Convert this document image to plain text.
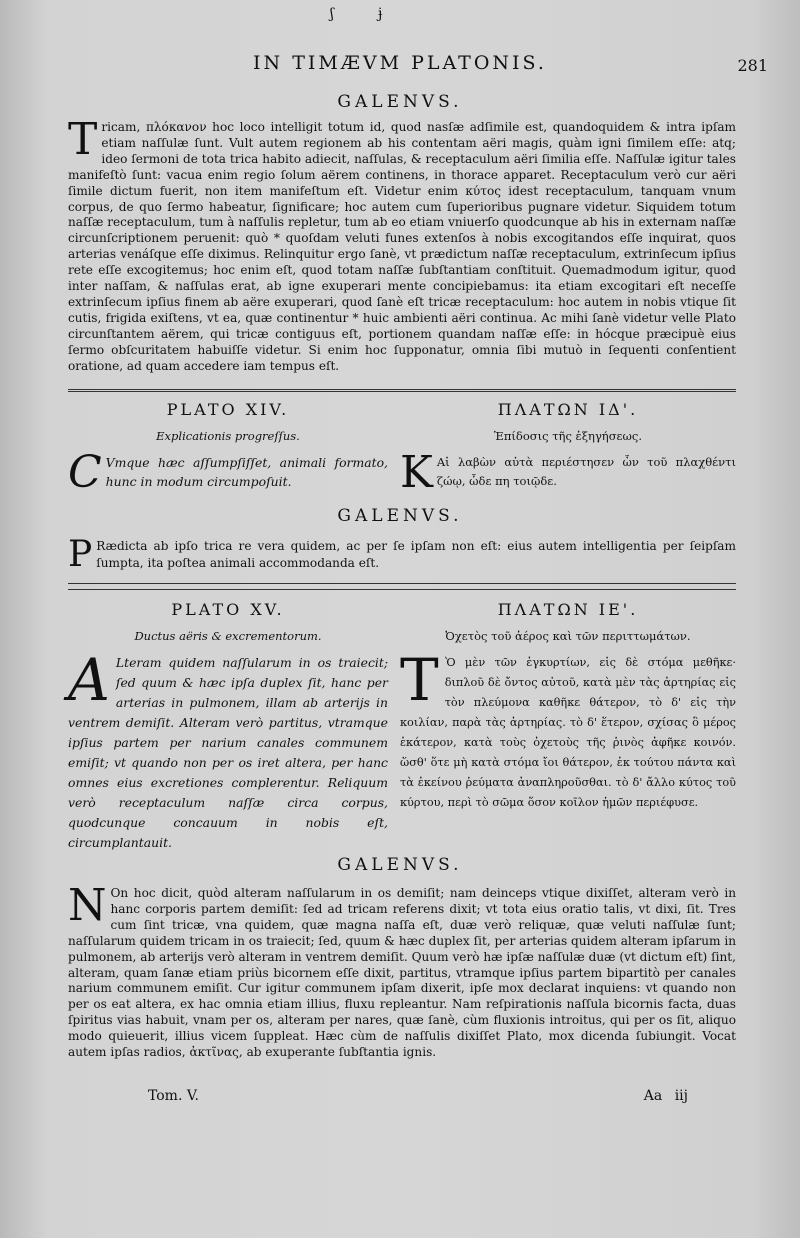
ʃ	ɉ
IN TIMÆVM PLATONIS.	281
GALENVS.

Tricam, πλόκανον hoc loco intelligit totum id, quod nasſæ adſimile est, quandoquidem & intra ipſam etiam naſſulæ ſunt. Vult autem regionem ab his contentam aëri magis, quàm igni ſimilem eſſe: atq; ideo ſermoni de tota trica habito adiecit, naſſulas, & receptaculum aëri ſimilia eſſe. Naſſulæ igitur tales manifeſtò ſunt: vacua enim regio ſolum aërem continens, in thorace apparet. Receptaculum verò cur aëri ſimile dictum fuerit, non item manifeſtum eſt. Videtur enim κύτος idest receptaculum, tanquam vnum corpus, de quo ſermo habeatur, ſignificare; hoc autem cum ſuperioribus pugnare videtur. Siquidem totum naſſæ receptaculum, tum à naſſulis repletur, tum ab eo etiam vniuerſo quodcunque ab his in externam naſſæ circunſcriptionem peruenit: quò * quoſdam veluti funes extenſos à nobis excogitandos eſſe inquirat, quos arterias venáſque eſſe diximus. Relinquitur ergo ſanè, vt prædictum naſſæ receptaculum, extrinſecum ipſius rete eſſe excogitemus; hoc enim eſt, quod totam naſſæ ſubſtantiam conſtituit. Quemadmodum igitur, quod inter naſſam, & naſſulas erat, ab igne exuperari mente concipiebamus: ita etiam excogitari eſt neceſſe extrinſecum ipſius finem ab aëre exuperari, quod ſanè eſt tricæ receptaculum: hoc autem in nobis vtique ſit cutis, frigida exiſtens, vt ea, quæ continentur * huic ambienti aëri continua. Ac mihi ſanè videtur velle Plato circunſtantem aërem, qui tricæ contiguus eſt, portionem quandam naſſæ eſſe: in hócque præcipuè eius ſermo obſcuritatem habuiſſe videtur. Si enim hoc ſupponatur, omnia ſibi mutuò in ſequenti conſentient oratione, ad quam accedere iam tempus eſt.

PLATO XIV.
Explicationis progreſſus.

C Vmque hæc aſſumpſiſſet, animali formato, hunc in modum circumpoſuit.

ΠΛΑΤΩΝ ΙΔ'.
Ἐπίδοσις τῆς ἐξηγήσεως.

Κ Αἰ λαβὼν αὐτὰ περιέστησεν ὧν τοῦ πλαχθέντι ζώῳ, ὧδε πη τοιῷδε.

GALENVS.

P Rædicta ab ipſo trica re vera quidem, ac per ſe ipſam non eſt: eius autem intelligentia per ſeipſam ſumpta, ita poſtea animali accommodanda eſt.

PLATO XV.
Ductus aëris & excrementorum.

A Lteram quidem naſſularum in os traiecit; ſed quum & hæc ipſa duplex ſit, hanc per arterias in pulmonem, illam ab arterijs in ventrem demiſit. Alteram verò partitus, vtramque ipſius partem per narium canales communem emiſit; vt quando non per os iret altera, per hanc omnes eius excretiones complerentur. Reliquum verò receptaculum naſſæ circa corpus, quodcunque concauum in nobis eſt, circumplantauit.

ΠΛΑΤΩΝ ΙΕ'.
Ὀχετὸς τοῦ ἀέρος καὶ τῶν περιττωμάτων.

Τ Ὸ μὲν τῶν ἐγκυρτίων, εἰς δὲ στόμα μεθῆκε· διπλοῦ δὲ ὄντος αὐτοῦ, κατὰ μὲν τὰς ἀρτηρίας εἰς τὸν πλεύμονα καθῆκε θάτερον, τὸ δ' εἰς τὴν κοιλίαν, παρὰ τὰς ἀρτηρίας. τὸ δ' ἕτερον, σχίσας ὃ μέρος ἑκάτερον, κατὰ τοὺς ὀχετοὺς τῆς ῥινὸς ἀφῆκε κοινόν. ὥσθ' ὅτε μὴ κατὰ στόμα ἴοι θάτερον, ἐκ τούτου πάντα καὶ τὰ ἐκείνου ῥεύματα ἀναπληροῦσθαι. τὸ δ' ἄλλο κύτος τοῦ κύρτου, περὶ τὸ σῶμα ὅσον κοῖλον ἡμῶν περιέφυσε.

GALENVS.

N On hoc dicit, quòd alteram naſſularum in os demiſit; nam deinceps vtique dixiſſet, alteram verò in hanc corporis partem demiſit: ſed ad tricam referens dixit; vt tota eius oratio talis, vt dixi, ſit. Tres cum ſint tricæ, vna quidem, quæ magna naſſa eſt, duæ verò reliquæ, quæ veluti naſſulæ ſunt; naſſularum quidem tricam in os traiecit; ſed, quum & hæc duplex ſit, per arterias quidem alteram ipſarum in pulmonem, ab arterijs verò alteram in ventrem demiſit. Quum verò hæ ipſæ naſſulæ duæ (vt dictum eſt) ſint, alteram, quam ſanæ etiam priùs bicornem eſſe dixit, partitus, vtramque ipſius partem bipartitò per canales narium communem emiſit. Cur igitur communem ipſam dixerit, ipſe mox declarat inquiens: vt quando non per os eat altera, ex hac omnia etiam illius, fluxu repleantur. Nam reſpirationis naſſula bicornis facta, duas ſpiritus vias habuit, vnam per os, alteram per nares, quæ ſanè, cùm fluxionis introitus, qui per os ſit, aliquo modo quieuerit, illius vicem ſuppleat. Hæc cùm de naſſulis dixiſſet Plato, mox dicenda ſubiungit. Vocat autem ipſas radios, ἀκτῖνας, ab exuperante ſubſtantia ignis.

Tom. V.	Aa iij
